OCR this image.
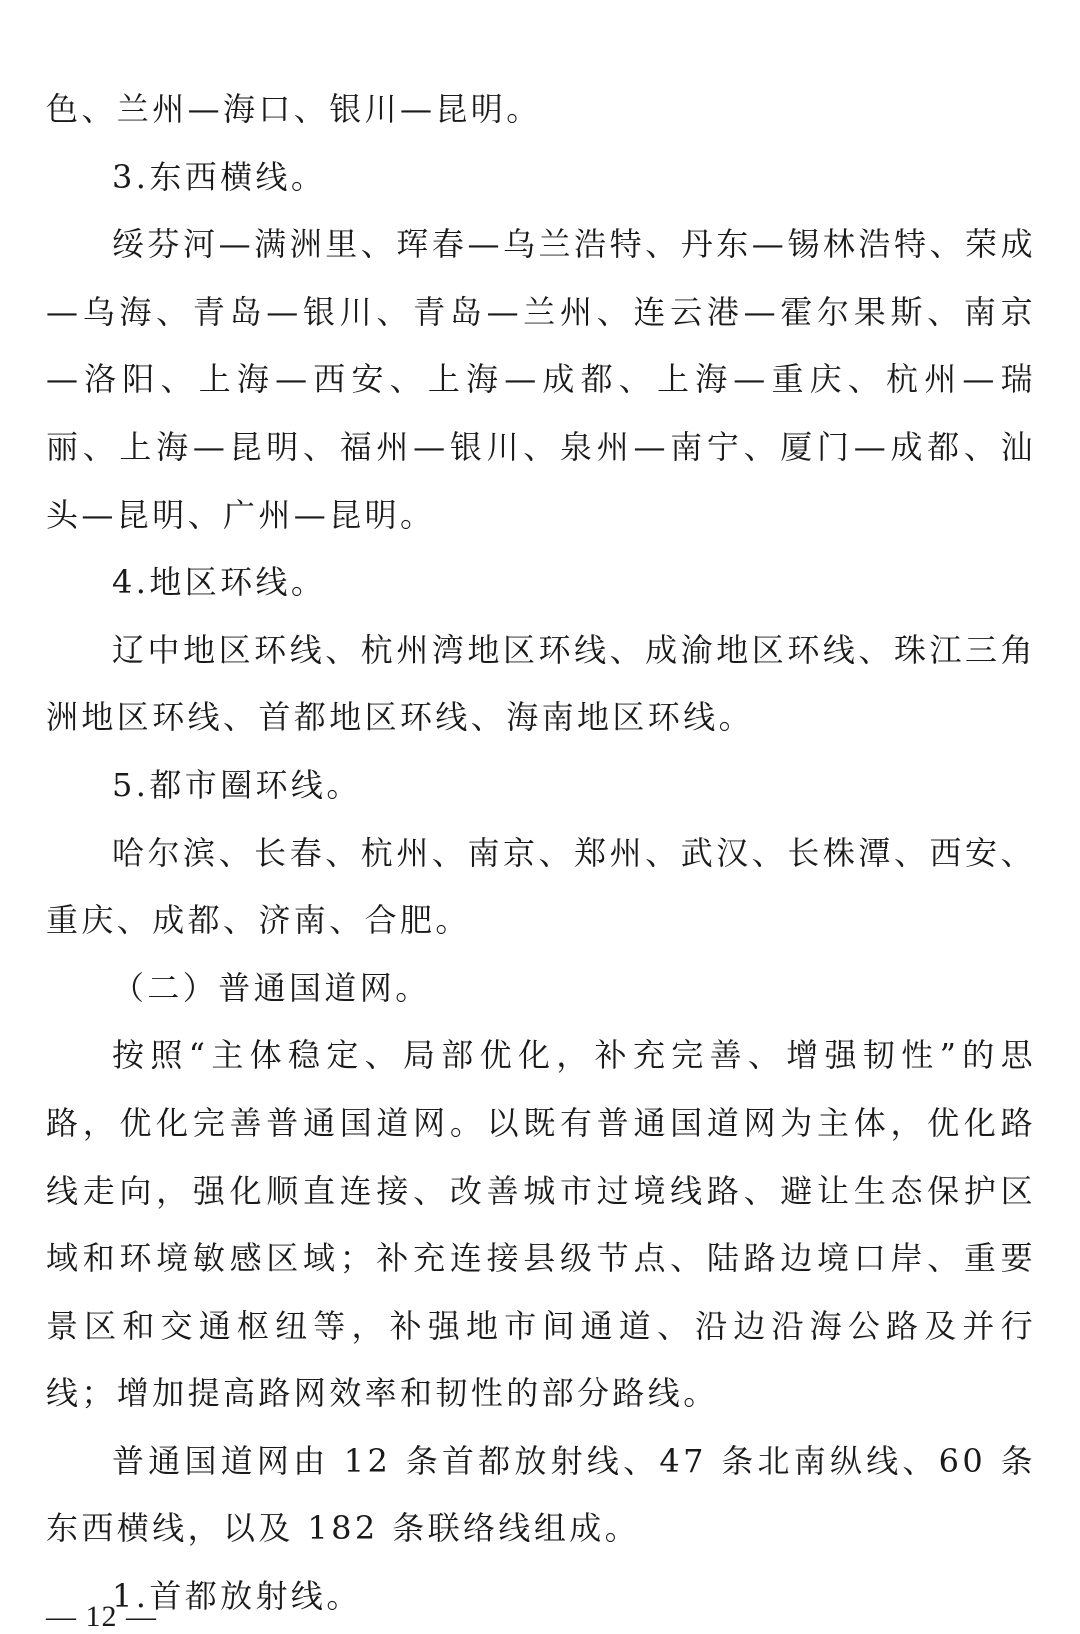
色、兰州—海口、银川—昆明。

3.东西横线。

绥芬河—满洲里、珲春—乌兰浩特、丹东—锡林浩特、荣成—乌海、青岛—银川、青岛—兰州、连云港—霍尔果斯、南京—洛阳、上海—西安、上海—成都、上海—重庆、杭州—瑞丽、上海—昆明、福州—银川、泉州—南宁、厦门—成都、汕头—昆明、广州—昆明。

4.地区环线。

辽中地区环线、杭州湾地区环线、成渝地区环线、珠江三角洲地区环线、首都地区环线、海南地区环线。

5.都市圈环线。

哈尔滨、长春、杭州、南京、郑州、武汉、长株潭、西安、重庆、成都、济南、合肥。

（二）普通国道网。

按照“主体稳定、局部优化，补充完善、增强韧性”的思路，优化完善普通国道网。以既有普通国道网为主体，优化路线走向，强化顺直连接、改善城市过境线路、避让生态保护区域和环境敏感区域；补充连接县级节点、陆路边境口岸、重要景区和交通枢纽等，补强地市间通道、沿边沿海公路及并行线；增加提高路网效率和韧性的部分路线。

普通国道网由 12 条首都放射线、47 条北南纵线、60 条东西横线，以及 182 条联络线组成。

1.首都放射线。

— 12 —
